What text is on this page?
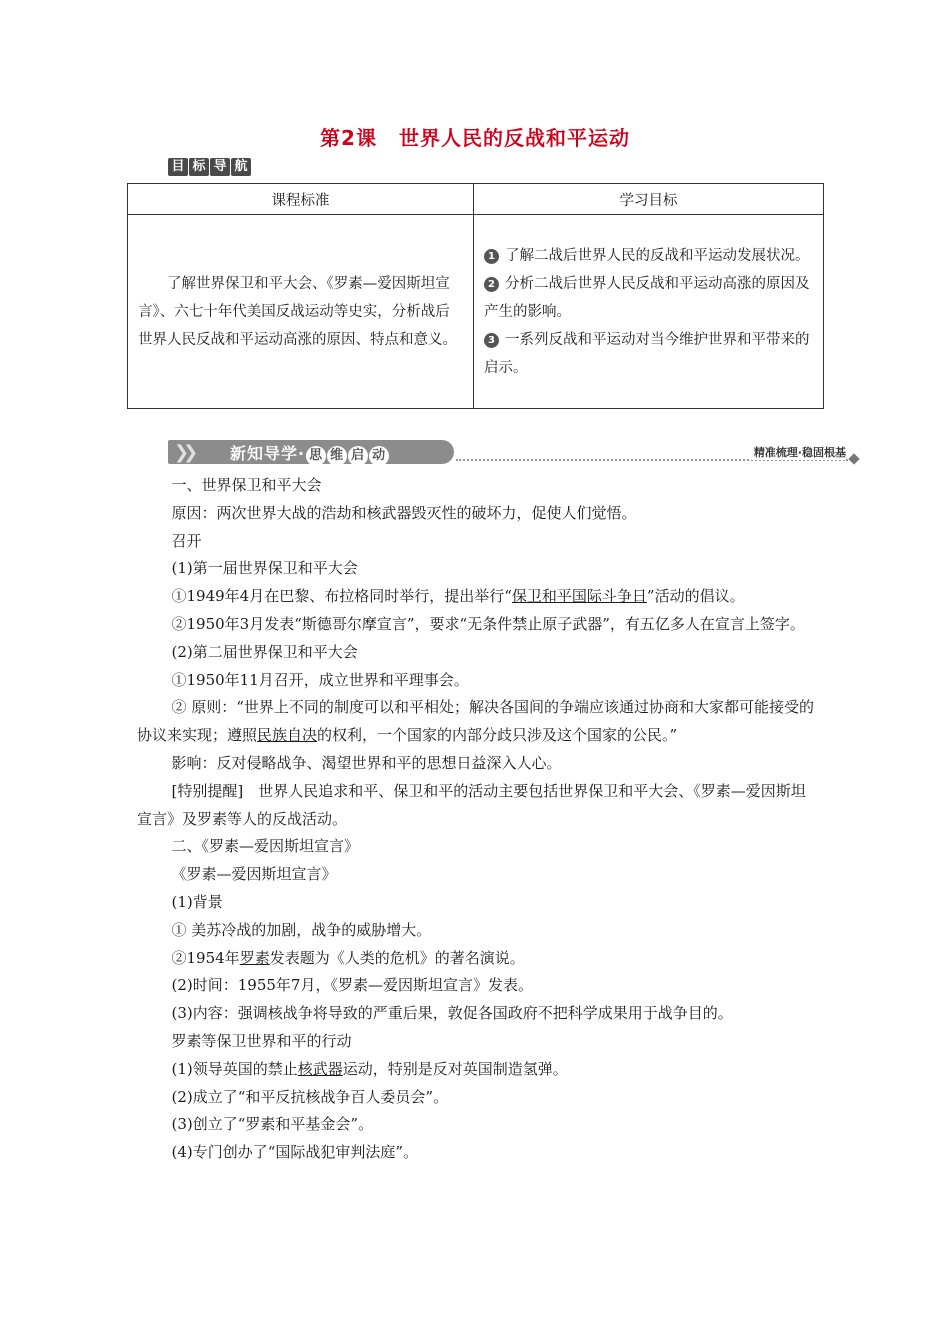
第2课 世界人民的反战和平运动
目 标 导 航
课程标准	学习目标
了解世界保卫和平大会、《罗素—爱因斯坦宣言》、六七十年代美国反战运动等史实，分析战后世界人民反战和平运动高涨的原因、特点和意义。	1 了解二战后世界人民的反战和平运动发展状况。
2 分析二战后世界人民反战和平运动高涨的原因及产生的影响。
3 一系列反战和平运动对当今维护世界和平带来的启示。
❯❯ 新知导学· 思 维 启 动	精准梳理·稳固根基

一、世界保卫和平大会

原因：两次世界大战的浩劫和核武器毁灭性的破坏力，促使人们觉悟。

召开

(1)第一届世界保卫和平大会

①1949年4月在巴黎、布拉格同时举行，提出举行“保卫和平国际斗争日”活动的倡议。

②1950年3月发表“斯德哥尔摩宣言”，要求“无条件禁止原子武器”，有五亿多人在宣言上签字。

(2)第二届世界保卫和平大会

①1950年11月召开，成立世界和平理事会。

② 原则：“世界上不同的制度可以和平相处；解决各国间的争端应该通过协商和大家都可能接受的协议来实现；遵照民族自决的权利，一个国家的内部分歧只涉及这个国家的公民。”

影响：反对侵略战争、渴望世界和平的思想日益深入人心。

[特别提醒]　世界人民追求和平、保卫和平的活动主要包括世界保卫和平大会、《罗素—爱因斯坦宣言》及罗素等人的反战活动。

二、《罗素—爱因斯坦宣言》

《罗素—爱因斯坦宣言》

(1)背景

① 美苏冷战的加剧，战争的威胁增大。

②1954年罗素发表题为《人类的危机》的著名演说。

(2)时间：1955年7月，《罗素—爱因斯坦宣言》发表。

(3)内容：强调核战争将导致的严重后果，敦促各国政府不把科学成果用于战争目的。

罗素等保卫世界和平的行动

(1)领导英国的禁止核武器运动，特别是反对英国制造氢弹。

(2)成立了“和平反抗核战争百人委员会”。

(3)创立了“罗素和平基金会”。

(4)专门创办了“国际战犯审判法庭”。
